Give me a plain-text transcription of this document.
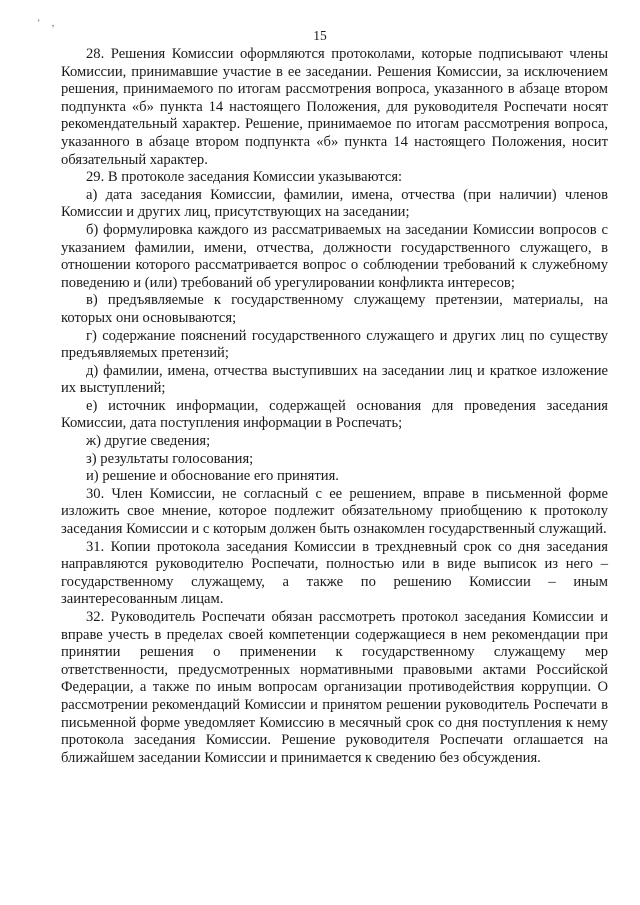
' ,
15

28. Решения Комиссии оформляются протоколами, которые подписывают члены Комиссии, принимавшие участие в ее заседании. Решения Комиссии, за исключением решения, принимаемого по итогам рассмотрения вопроса, указанного в абзаце втором подпункта «б» пункта 14 настоящего Положения, для руководителя Роспечати носят рекомендательный характер. Решение, принимаемое по итогам рассмотрения вопроса, указанного в абзаце втором подпункта «б» пункта 14 настоящего Положения, носит обязательный характер.

29. В протоколе заседания Комиссии указываются:

а) дата заседания Комиссии, фамилии, имена, отчества (при наличии) членов Комиссии и других лиц, присутствующих на заседании;

б) формулировка каждого из рассматриваемых на заседании Комиссии вопросов с указанием фамилии, имени, отчества, должности государственного служащего, в отношении которого рассматривается вопрос о соблюдении требований к служебному поведению и (или) требований об урегулировании конфликта интересов;

в) предъявляемые к государственному служащему претензии, материалы, на которых они основываются;

г) содержание пояснений государственного служащего и других лиц по существу предъявляемых претензий;

д) фамилии, имена, отчества выступивших на заседании лиц и краткое изложение их выступлений;

е) источник информации, содержащей основания для проведения заседания Комиссии, дата поступления информации в Роспечать;

ж) другие сведения;

з) результаты голосования;

и) решение и обоснование его принятия.

30. Член Комиссии, не согласный с ее решением, вправе в письменной форме изложить свое мнение, которое подлежит обязательному приобщению к протоколу заседания Комиссии и с которым должен быть ознакомлен государственный служащий.

31. Копии протокола заседания Комиссии в трехдневный срок со дня заседания направляются руководителю Роспечати, полностью или в виде выписок из него – государственному служащему, а также по решению Комиссии – иным заинтересованным лицам.

32. Руководитель Роспечати обязан рассмотреть протокол заседания Комиссии и вправе учесть в пределах своей компетенции содержащиеся в нем рекомендации при принятии решения о применении к государственному служащему мер ответственности, предусмотренных нормативными правовыми актами Российской Федерации, а также по иным вопросам организации противодействия коррупции. О рассмотрении рекомендаций Комиссии и принятом решении руководитель Роспечати в письменной форме уведомляет Комиссию в месячный срок со дня поступления к нему протокола заседания Комиссии. Решение руководителя Роспечати оглашается на ближайшем заседании Комиссии и принимается к сведению без обсуждения.
